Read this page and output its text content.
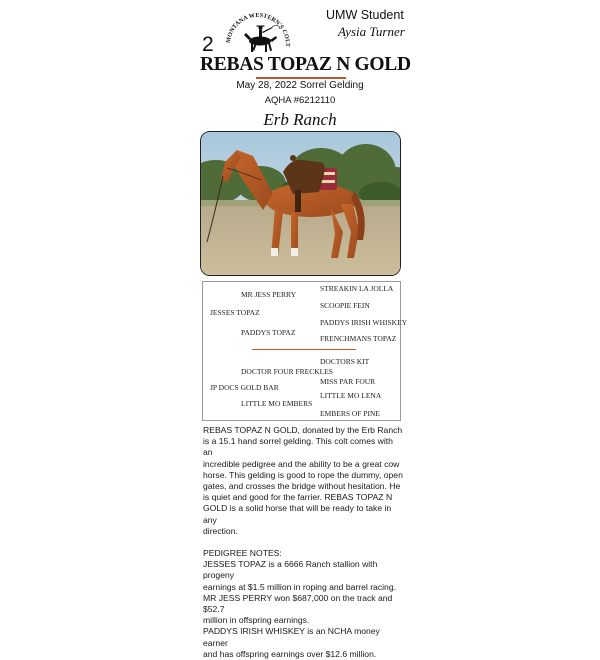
2	MONTANA WESTERN'S COLT
UMW Student
Aysia Turner
REBAS TOPAZ N GOLD
May 28, 2022 Sorrel Gelding
AQHA #6212110
Erb Ranch
MR JESS PERRY
STREAKIN LA JOLLA
SCOOPIE FEIN
JESSES TOPAZ
PADDYS IRISH WHISKEY
PADDYS TOPAZ
FRENCHMANS TOPAZ
DOCTORS KIT
DOCTOR FOUR FRECKLES
MISS PAR FOUR
JP DOCS GOLD BAR
LITTLE MO LENA
LITTLE MO EMBERS
EMBERS OF PINE

REBAS TOPAZ N GOLD, donated by the Erb Ranch

is a 15.1 hand sorrel gelding. This colt comes with an

incredible pedigree and the ability to be a great cow

horse. This gelding is good to rope the dummy, open

gates, and crosses the bridge without hesitation. He

is quiet and good for the farrier. REBAS TOPAZ N

GOLD is a solid horse that will be ready to take in any

direction.

PEDIGREE NOTES:

JESSES TOPAZ is a 6666 Ranch stallion with progeny

earnings at $1.5 million in roping and barrel racing.

MR JESS PERRY won $687,000 on the track and $52.7

million in offspring earnings.

PADDYS IRISH WHISKEY is an NCHA money earner

and has offspring earnings over $12.6 million.
